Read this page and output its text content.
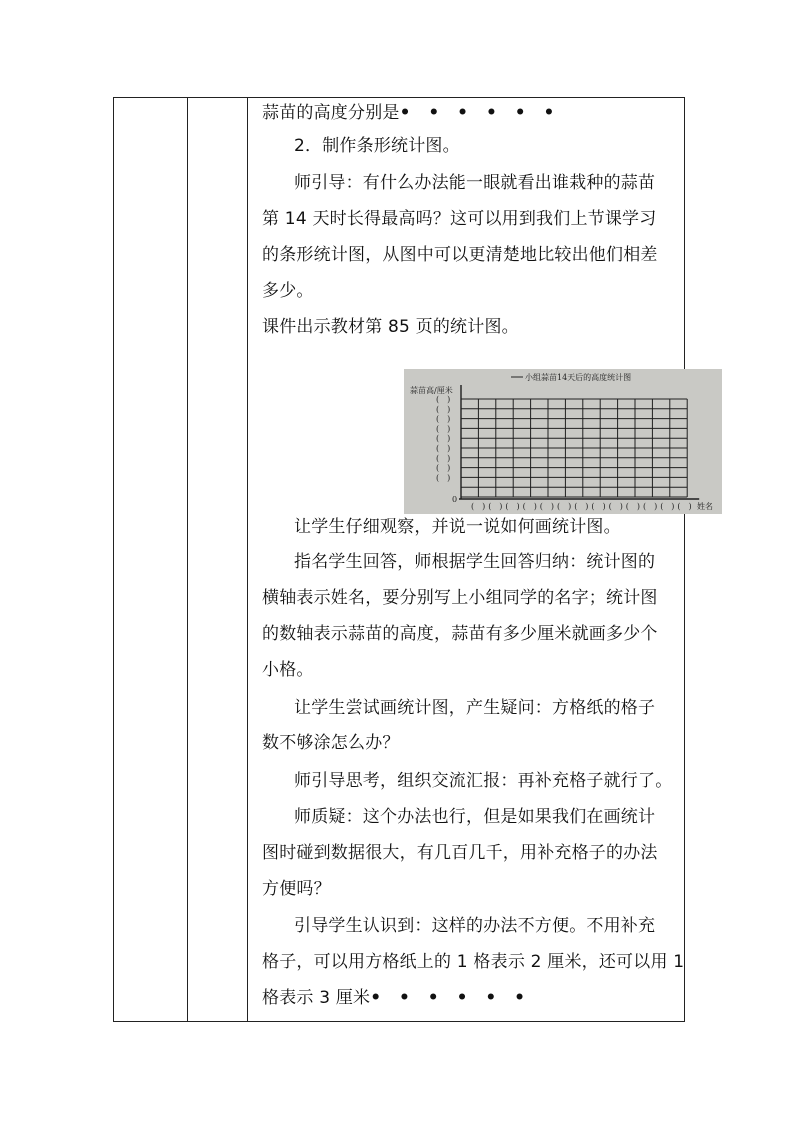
蒜苗的高度分别是• • • • • •
2．制作条形统计图。
师引导：有什么办法能一眼就看出谁栽种的蒜苗
第 14 天时长得最高吗？这可以用到我们上节课学习
的条形统计图，从图中可以更清楚地比较出他们相差
多少。
课件出示教材第 85 页的统计图。
让学生仔细观察，并说一说如何画统计图。
指名学生回答，师根据学生回答归纳：统计图的
横轴表示姓名，要分别写上小组同学的名字；统计图
的数轴表示蒜苗的高度，蒜苗有多少厘米就画多少个
小格。
让学生尝试画统计图，产生疑问：方格纸的格子
数不够涂怎么办？
师引导思考，组织交流汇报：再补充格子就行了。
师质疑：这个办法也行，但是如果我们在画统计
图时碰到数据很大，有几百几千，用补充格子的办法
方便吗？
引导学生认识到：这样的办法不方便。不用补充
格子，可以用方格纸上的 1 格表示 2 厘米，还可以用 1
格表示 3 厘米• • • • • •
小组蒜苗14天后的高度统计图
蒜苗高/厘米
姓名
0
(　)
(　)
(　)
(　)
(　)
(　)
(　)
(　)
(　)
(　) (　) (　) (　) (　) (　) (　) (　) (　) (　) (　) (　) (　)
